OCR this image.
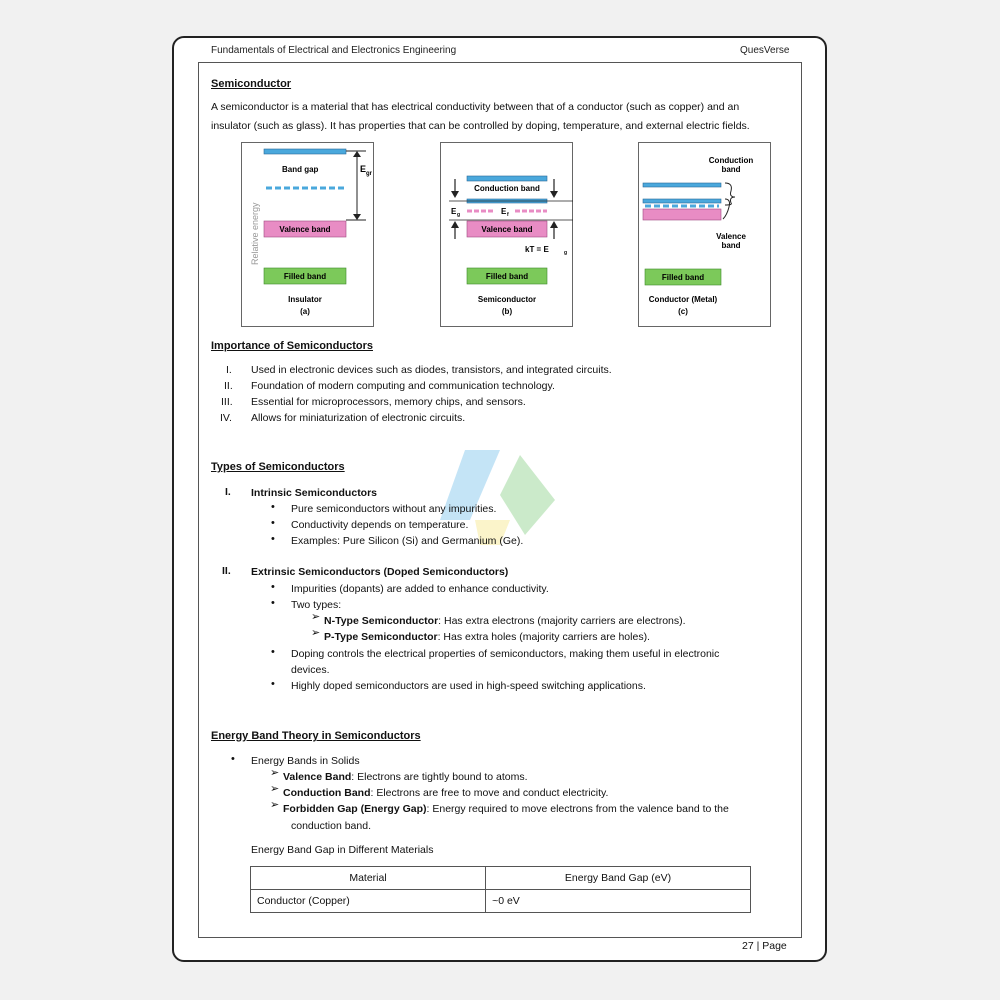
Fundamentals of Electrical and Electronics Engineering	QuesVerse
Semiconductor
A semiconductor is a material that has electrical conductivity between that of a conductor (such as copper) and an
insulator (such as glass). It has properties that can be controlled by doping, temperature, and external electric fields.
E gr
Band gap
Relative energy Valence band
Filled band
Insulator
(a)
Conduction band
E g	E f
Valence band
kT = E	g
Filled band
Semiconductor
(b)
Conduction
band
Valence
band
Filled band
Conductor (Metal)
(c)
Importance of Semiconductors
I. Used in electronic devices such as diodes, transistors, and integrated circuits.
II. Foundation of modern computing and communication technology.
III. Essential for microprocessors, memory chips, and sensors.
IV. Allows for miniaturization of electronic circuits.
Types of Semiconductors
I. Intrinsic Semiconductors
• Pure semiconductors without any impurities.
• Conductivity depends on temperature.
• Examples: Pure Silicon (Si) and Germanium (Ge).
II. Extrinsic Semiconductors (Doped Semiconductors)
• Impurities (dopants) are added to enhance conductivity.
• Two types:
➢ N-Type Semiconductor: Has extra electrons (majority carriers are electrons).
➢ P-Type Semiconductor: Has extra holes (majority carriers are holes).
• Doping controls the electrical properties of semiconductors, making them useful in electronic
devices.
• Highly doped semiconductors are used in high-speed switching applications.
Energy Band Theory in Semiconductors
• Energy Bands in Solids
➢ Valence Band: Electrons are tightly bound to atoms.
➢ Conduction Band: Electrons are free to move and conduct electricity.
➢ Forbidden Gap (Energy Gap): Energy required to move electrons from the valence band to the
conduction band.
Energy Band Gap in Different Materials
Material	Energy Band Gap (eV)
Conductor (Copper)	~0 eV
27 | Page
